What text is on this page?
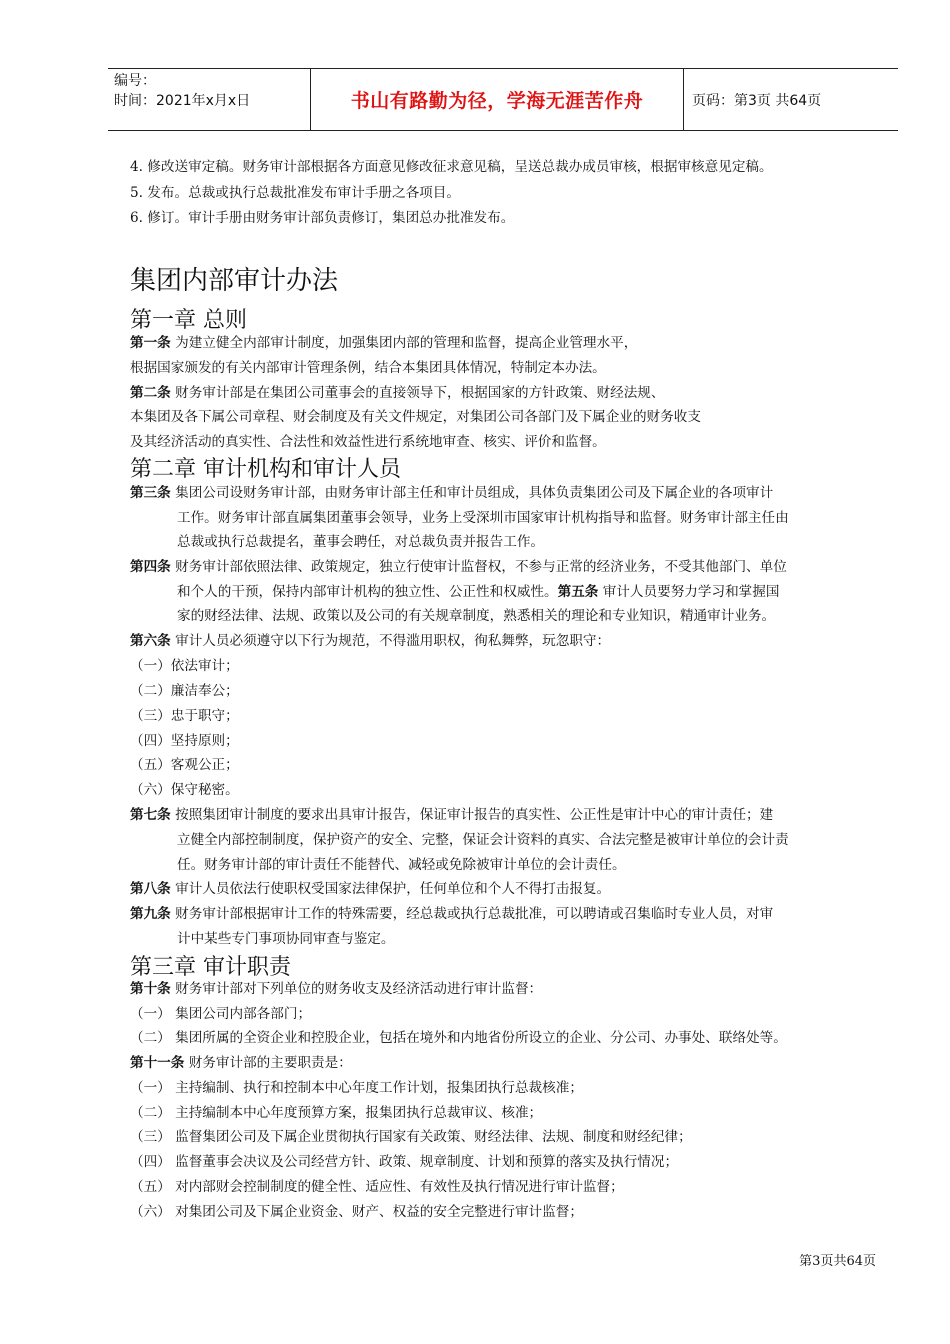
编号：
时间：2021年x月x日	书山有路勤为径，学海无涯苦作舟	页码：第3页 共64页
4. 修改送审定稿。财务审计部根据各方面意见修改征求意见稿，呈送总裁办成员审核，根据审核意见定稿。
5. 发布。总裁或执行总裁批准发布审计手册之各项目。
6. 修订。审计手册由财务审计部负责修订，集团总办批准发布。
集团内部审计办法
第一章 总则
第一条 为建立健全内部审计制度，加强集团内部的管理和监督，提高企业管理水平，
根据国家颁发的有关内部审计管理条例，结合本集团具体情况，特制定本办法。
第二条 财务审计部是在集团公司董事会的直接领导下，根据国家的方针政策、财经法规、
本集团及各下属公司章程、财会制度及有关文件规定，对集团公司各部门及下属企业的财务收支
及其经济活动的真实性、合法性和效益性进行系统地审查、核实、评价和监督。
第二章 审计机构和审计人员
第三条 集团公司设财务审计部，由财务审计部主任和审计员组成，具体负责集团公司及下属企业的各项审计
工作。财务审计部直属集团董事会领导，业务上受深圳市国家审计机构指导和监督。财务审计部主任由
总裁或执行总裁提名，董事会聘任，对总裁负责并报告工作。
第四条 财务审计部依照法律、政策规定，独立行使审计监督权，不参与正常的经济业务，不受其他部门、单位
和个人的干预，保持内部审计机构的独立性、公正性和权威性。第五条 审计人员要努力学习和掌握国
家的财经法律、法规、政策以及公司的有关规章制度，熟悉相关的理论和专业知识，精通审计业务。
第六条 审计人员必须遵守以下行为规范，不得滥用职权，徇私舞弊，玩忽职守：
（一）依法审计；
（二）廉洁奉公；
（三）忠于职守；
（四）坚持原则；
（五）客观公正；
（六）保守秘密。
第七条 按照集团审计制度的要求出具审计报告，保证审计报告的真实性、公正性是审计中心的审计责任；建
立健全内部控制制度，保护资产的安全、完整，保证会计资料的真实、合法完整是被审计单位的会计责
任。财务审计部的审计责任不能替代、减轻或免除被审计单位的会计责任。
第八条 审计人员依法行使职权受国家法律保护，任何单位和个人不得打击报复。
第九条 财务审计部根据审计工作的特殊需要，经总裁或执行总裁批准，可以聘请或召集临时专业人员，对审
计中某些专门事项协同审查与鉴定。
第三章 审计职责
第十条 财务审计部对下列单位的财务收支及经济活动进行审计监督：
（一） 集团公司内部各部门；
（二） 集团所属的全资企业和控股企业，包括在境外和内地省份所设立的企业、分公司、办事处、联络处等。
第十一条 财务审计部的主要职责是：
（一） 主持编制、执行和控制本中心年度工作计划，报集团执行总裁核准；
（二） 主持编制本中心年度预算方案，报集团执行总裁审议、核准；
（三） 监督集团公司及下属企业贯彻执行国家有关政策、财经法律、法规、制度和财经纪律；
（四） 监督董事会决议及公司经营方针、政策、规章制度、计划和预算的落实及执行情况；
（五） 对内部财会控制制度的健全性、适应性、有效性及执行情况进行审计监督；
（六） 对集团公司及下属企业资金、财产、权益的安全完整进行审计监督；
第3页共64页
